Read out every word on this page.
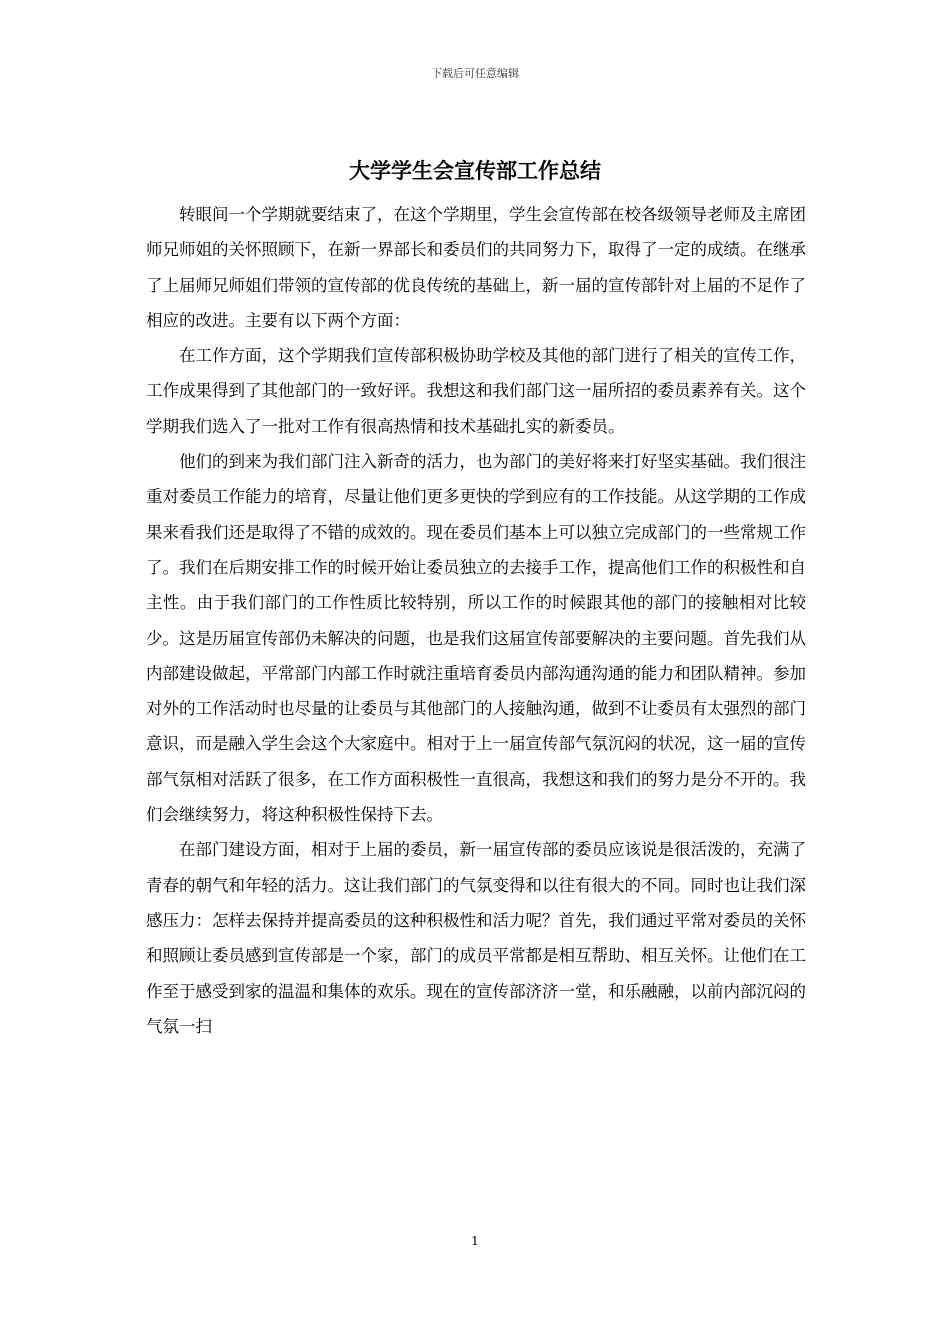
下载后可任意编辑
大学学生会宣传部工作总结

转眼间一个学期就要结束了，在这个学期里，学生会宣传部在校各级领导老师及主席团师兄师姐的关怀照顾下，在新一界部长和委员们的共同努力下，取得了一定的成绩。在继承了上届师兄师姐们带领的宣传部的优良传统的基础上，新一届的宣传部针对上届的不足作了相应的改进。主要有以下两个方面：

在工作方面，这个学期我们宣传部积极协助学校及其他的部门进行了相关的宣传工作，工作成果得到了其他部门的一致好评。我想这和我们部门这一届所招的委员素养有关。这个学期我们选入了一批对工作有很高热情和技术基础扎实的新委员。

他们的到来为我们部门注入新奇的活力，也为部门的美好将来打好坚实基础。我们很注重对委员工作能力的培育，尽量让他们更多更快的学到应有的工作技能。从这学期的工作成果来看我们还是取得了不错的成效的。现在委员们基本上可以独立完成部门的一些常规工作了。我们在后期安排工作的时候开始让委员独立的去接手工作，提高他们工作的积极性和自主性。由于我们部门的工作性质比较特别，所以工作的时候跟其他的部门的接触相对比较少。这是历届宣传部仍未解决的问题，也是我们这届宣传部要解决的主要问题。首先我们从内部建设做起，平常部门内部工作时就注重培育委员内部沟通沟通的能力和团队精神。参加对外的工作活动时也尽量的让委员与其他部门的人接触沟通，做到不让委员有太强烈的部门意识，而是融入学生会这个大家庭中。相对于上一届宣传部气氛沉闷的状况，这一届的宣传部气氛相对活跃了很多，在工作方面积极性一直很高，我想这和我们的努力是分不开的。我们会继续努力，将这种积极性保持下去。

在部门建设方面，相对于上届的委员，新一届宣传部的委员应该说是很活泼的，充满了青春的朝气和年轻的活力。这让我们部门的气氛变得和以往有很大的不同。同时也让我们深感压力：怎样去保持并提高委员的这种积极性和活力呢？首先，我们通过平常对委员的关怀和照顾让委员感到宣传部是一个家，部门的成员平常都是相互帮助、相互关怀。让他们在工作至于感受到家的温温和集体的欢乐。现在的宣传部济济一堂，和乐融融，以前内部沉闷的气氛一扫

1
